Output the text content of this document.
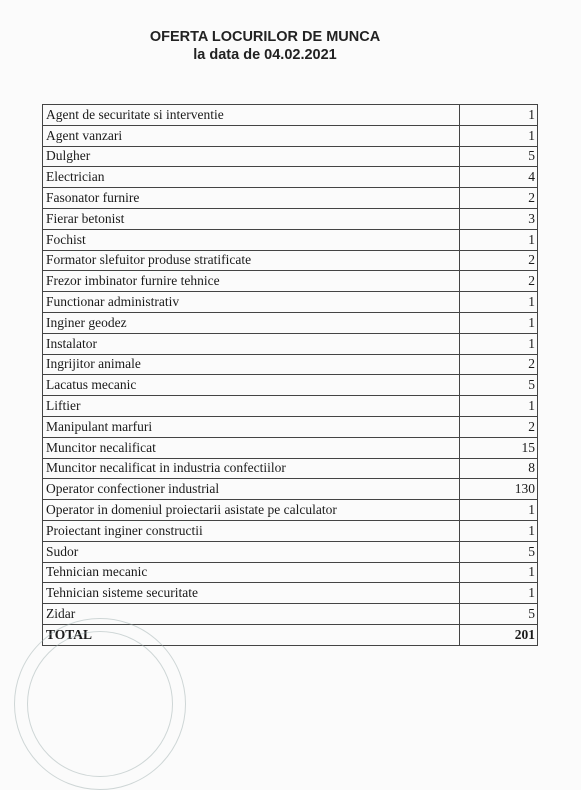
OFERTA LOCURILOR DE MUNCA
la data de 04.02.2021
Agent de securitate si interventie	1
Agent vanzari	1
Dulgher	5
Electrician	4
Fasonator furnire	2
Fierar betonist	3
Fochist	1
Formator slefuitor produse stratificate	2
Frezor imbinator furnire tehnice	2
Functionar administrativ	1
Inginer geodez	1
Instalator	1
Ingrijitor animale	2
Lacatus mecanic	5
Liftier	1
Manipulant marfuri	2
Muncitor necalificat	15
Muncitor necalificat in industria confectiilor	8
Operator confectioner industrial	130
Operator in domeniul proiectarii asistate pe calculator	1
Proiectant inginer constructii	1
Sudor	5
Tehnician mecanic	1
Tehnician sisteme securitate	1
Zidar	5
TOTAL	201
